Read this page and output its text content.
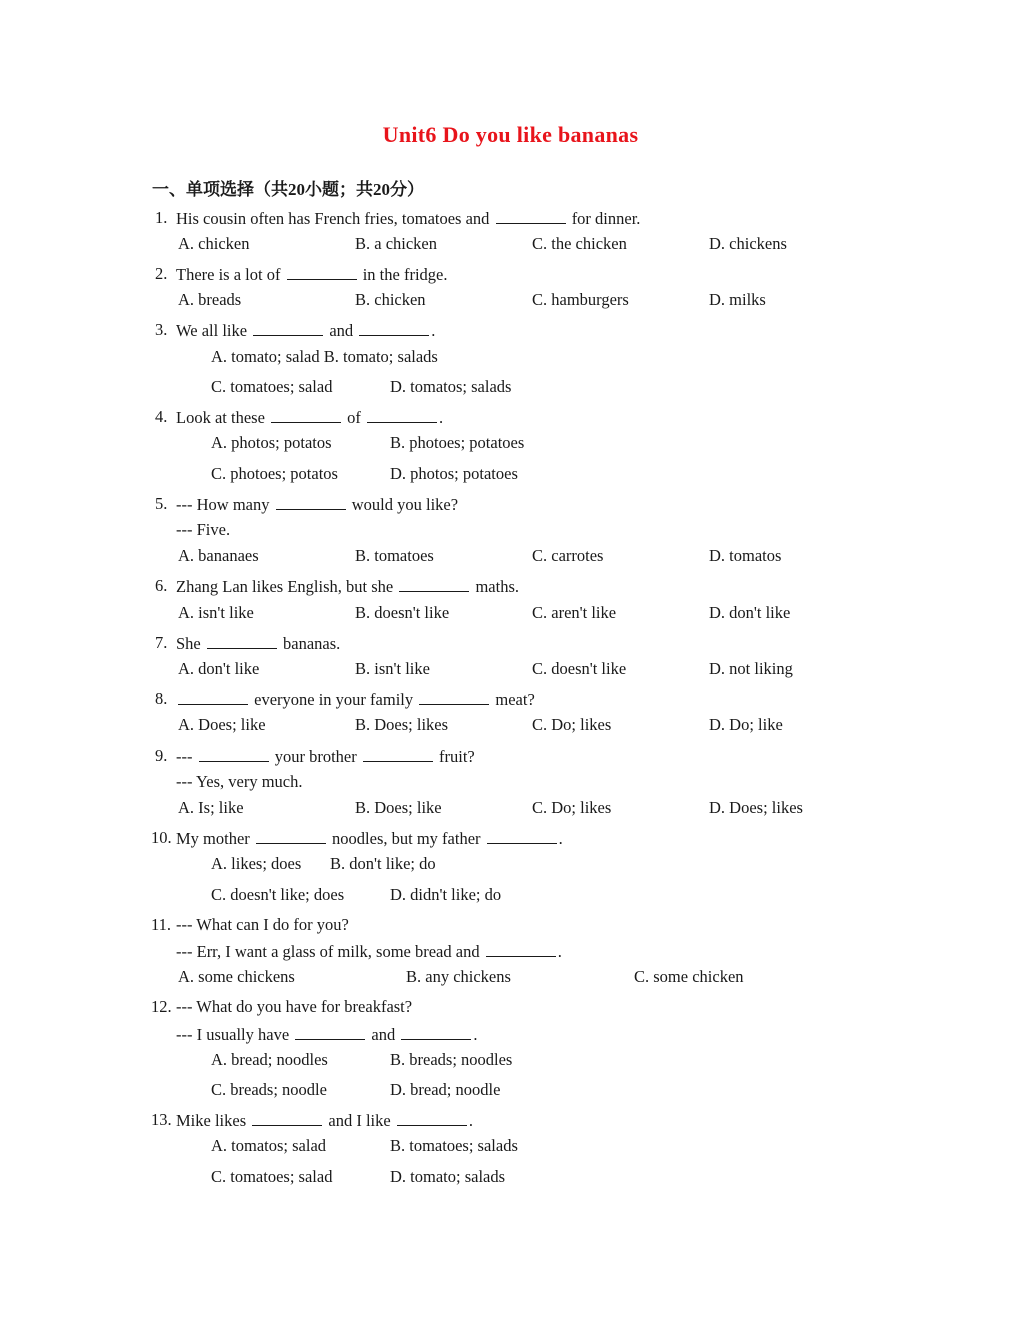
Unit6 Do you like bananas
一、单项选择（共20小题；共20分）
1. His cousin often has French fries, tomatoes and	for dinner.
A. chicken	B. a chicken	C. the chicken	D. chickens
2. There is a lot of	in the fridge.
A. breads	B. chicken	C. hamburgers	D. milks
3. We all like	and	.
A. tomato; salad B. tomato; salads
C. tomatoes; salad	D. tomatos; salads
4. Look at these	of	.
A. photos; potatos	B. photoes; potatoes
C. photoes; potatos	D. photos; potatoes
5. --- How many	would you like?
--- Five.
A. bananaes	B. tomatoes	C. carrotes	D. tomatos
6. Zhang Lan likes English, but she	maths.
A. isn't like	B. doesn't like	C. aren't like	D. don't like
7. She	bananas.
A. don't like	B. isn't like	C. doesn't like	D. not liking
8.	everyone in your family	meat?
A. Does; like	B. Does; likes	C. Do; likes	D. Do; like
9. ---	your brother	fruit?
--- Yes, very much.
A. Is; like	B. Does; like	C. Do; likes	D. Does; likes
10. My mother	noodles, but my father	.
A. likes; does B. don't like; do
C. doesn't like; does	D. didn't like; do
11. --- What can I do for you?
--- Err, I want a glass of milk, some bread and	.
A. some chickens	B. any chickens	C. some chicken
12. --- What do you have for breakfast?
--- I usually have	and	.
A. bread; noodles	B. breads; noodles
C. breads; noodle	D. bread; noodle
13. Mike likes	and I like	.
A. tomatos; salad	B. tomatoes; salads
C. tomatoes; salad	D. tomato; salads
